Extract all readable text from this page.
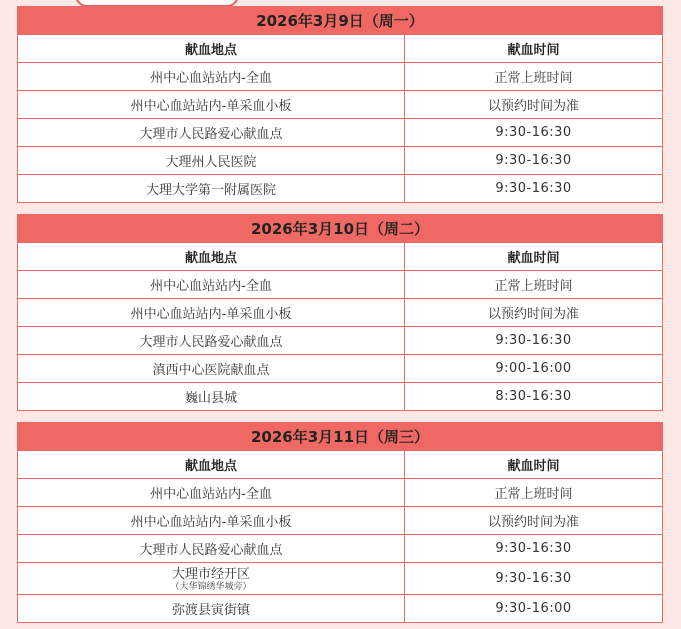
2026年3月9日（周一）
献血地点	献血时间
州中心血站站内-全血	正常上班时间
州中心血站站内-单采血小板	以预约时间为准
大理市人民路爱心献血点	9:30-16:30
大理州人民医院	9:30-16:30
大理大学第一附属医院	9:30-16:30
2026年3月10日（周二）
献血地点	献血时间
州中心血站站内-全血	正常上班时间
州中心血站站内-单采血小板	以预约时间为准
大理市人民路爱心献血点	9:30-16:30
滇西中心医院献血点	9:00-16:00
巍山县城	8:30-16:30
2026年3月11日（周三）
献血地点	献血时间
州中心血站站内-全血	正常上班时间
州中心血站站内-单采血小板	以预约时间为准
大理市人民路爱心献血点	9:30-16:30
大理市经开区
（大华锦绣华城旁）	9:30-16:30
弥渡县寅街镇	9:30-16:00
